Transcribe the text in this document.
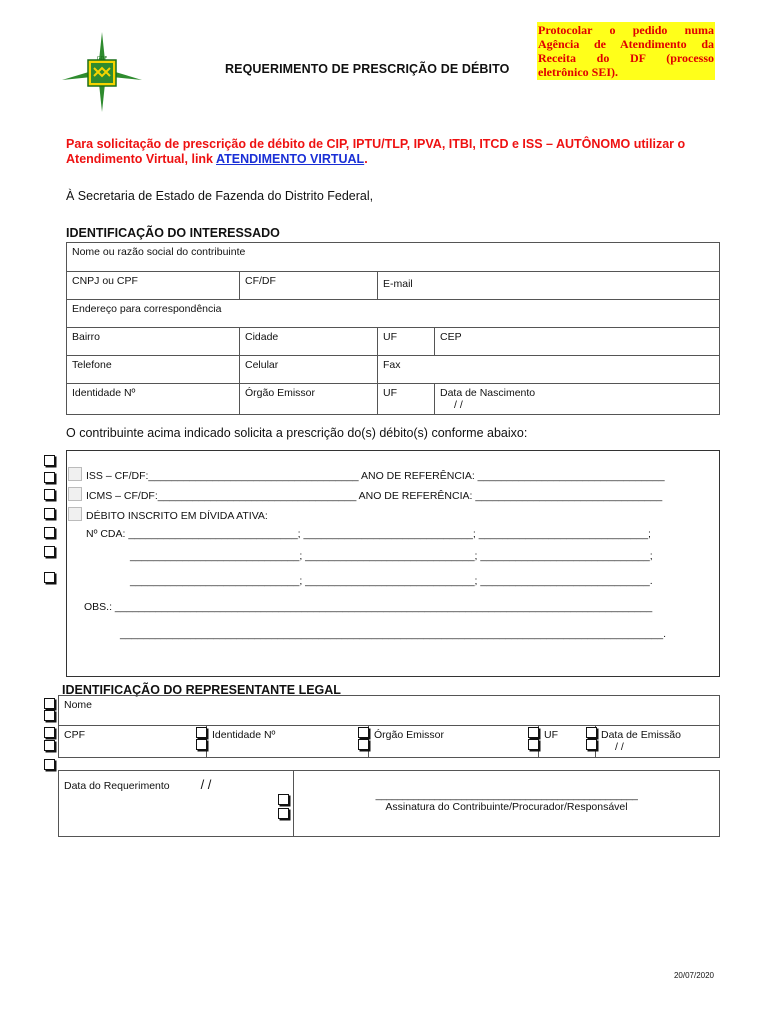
GDF
REQUERIMENTO DE PRESCRIÇÃO DE DÉBITO
Protocolar o pedido numa Agência de Atendimento da Receita do DF (processo eletrônico SEI).
Para solicitação de prescrição de débito de CIP, IPTU/TLP, IPVA, ITBI, ITCD e ISS – AUTÔNOMO utilizar o Atendimento Virtual, link ATENDIMENTO VIRTUAL.
À Secretaria de Estado de Fazenda do Distrito Federal,
IDENTIFICAÇÃO DO INTERESSADO
Nome ou razão social do contribuinte			
CNPJ ou CPF	CF/DF	E-mail	
Endereço para correspondência			
Bairro	Cidade	UF	CEP
Telefone	Celular	Fax	
Identidade Nº	Órgão Emissor	UF	Data de Nascimento
/ /
O contribuinte acima indicado solicita a prescrição do(s) débito(s) conforme abaixo:
ISS – CF/DF:____________________________________ ANO DE REFERÊNCIA: ________________________________
ICMS – CF/DF:__________________________________ ANO DE REFERÊNCIA: ________________________________
DÉBITO INSCRITO EM DÍVIDA ATIVA:
Nº CDA: _____________________________; _____________________________; _____________________________;
_____________________________; _____________________________; _____________________________;
_____________________________; _____________________________; _____________________________.
OBS.: ____________________________________________________________________________________________
_____________________________________________________________________________________________.
IDENTIFICAÇÃO DO REPRESENTANTE LEGAL
Nome
CPF	Identidade Nº	Órgão Emissor	UF	Data de Emissão
/ /
Data do Requerimento / /	
_________________________________________________
Assinatura do Contribuinte/Procurador/Responsável
20/07/2020
